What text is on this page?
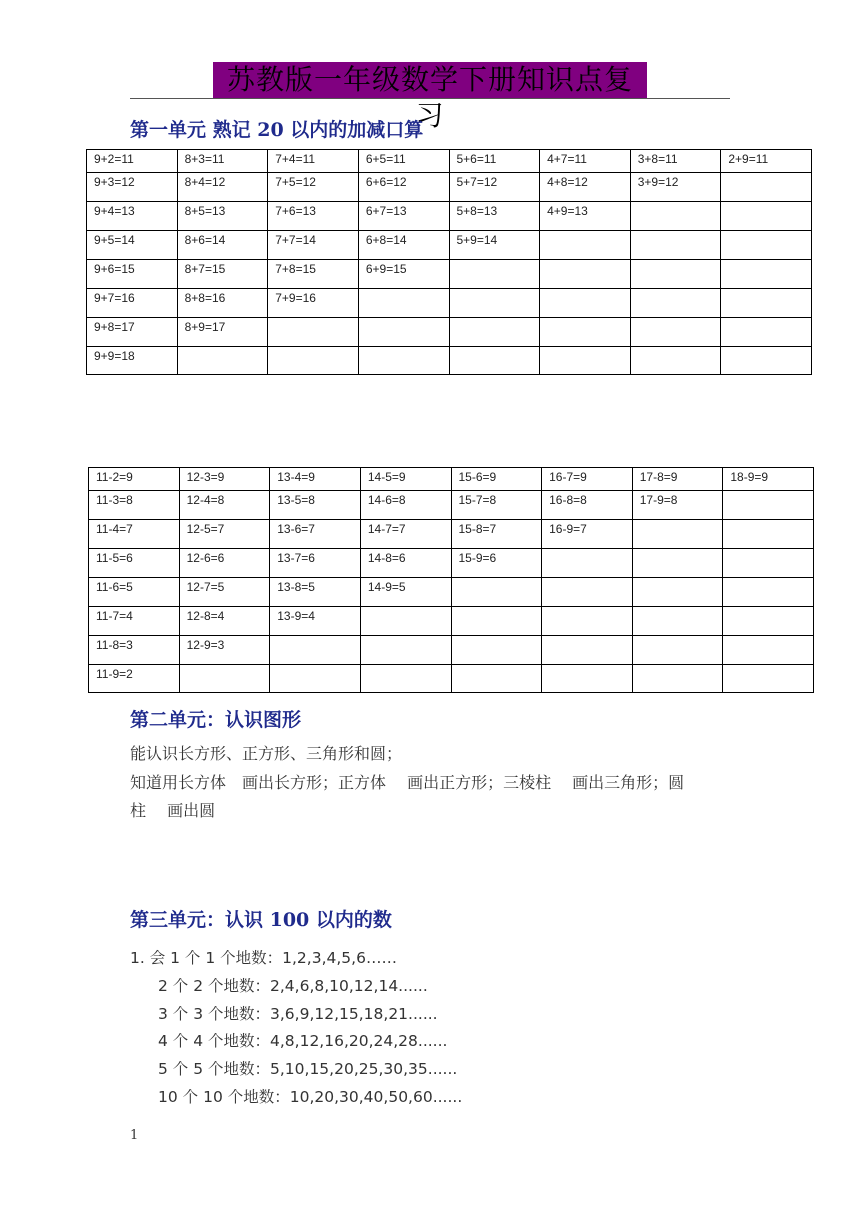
苏教版一年级数学下册知识点复习
第一单元 熟记 20 以内的加减口算
9+2=11	8+3=11	7+4=11	6+5=11	5+6=11	4+7=11	3+8=11	2+9=11
9+3=12	8+4=12	7+5=12	6+6=12	5+7=12	4+8=12	3+9=12	
9+4=13	8+5=13	7+6=13	6+7=13	5+8=13	4+9=13		
9+5=14	8+6=14	7+7=14	6+8=14	5+9=14			
9+6=15	8+7=15	7+8=15	6+9=15				
9+7=16	8+8=16	7+9=16					
9+8=17	8+9=17						
9+9=18							
11-2=9	12-3=9	13-4=9	14-5=9	15-6=9	16-7=9	17-8=9	18-9=9
11-3=8	12-4=8	13-5=8	14-6=8	15-7=8	16-8=8	17-9=8	
11-4=7	12-5=7	13-6=7	14-7=7	15-8=7	16-9=7		
11-5=6	12-6=6	13-7=6	14-8=6	15-9=6			
11-6=5	12-7=5	13-8=5	14-9=5				
11-7=4	12-8=4	13-9=4					
11-8=3	12-9=3						
11-9=2							
第二单元：认识图形
能认识长方形、正方形、三角形和圆；
知道用长方体　画出长方形；正方体　 画出正方形；三棱柱　 画出三角形；圆
柱　 画出圆
第三单元：认识 100 以内的数
1. 会 1 个 1 个地数：1,2,3,4,5,6……
2 个 2 个地数：2,4,6,8,10,12,14......
3 个 3 个地数：3,6,9,12,15,18,21......
4 个 4 个地数：4,8,12,16,20,24,28......
5 个 5 个地数：5,10,15,20,25,30,35......
10 个 10 个地数：10,20,30,40,50,60......
1
